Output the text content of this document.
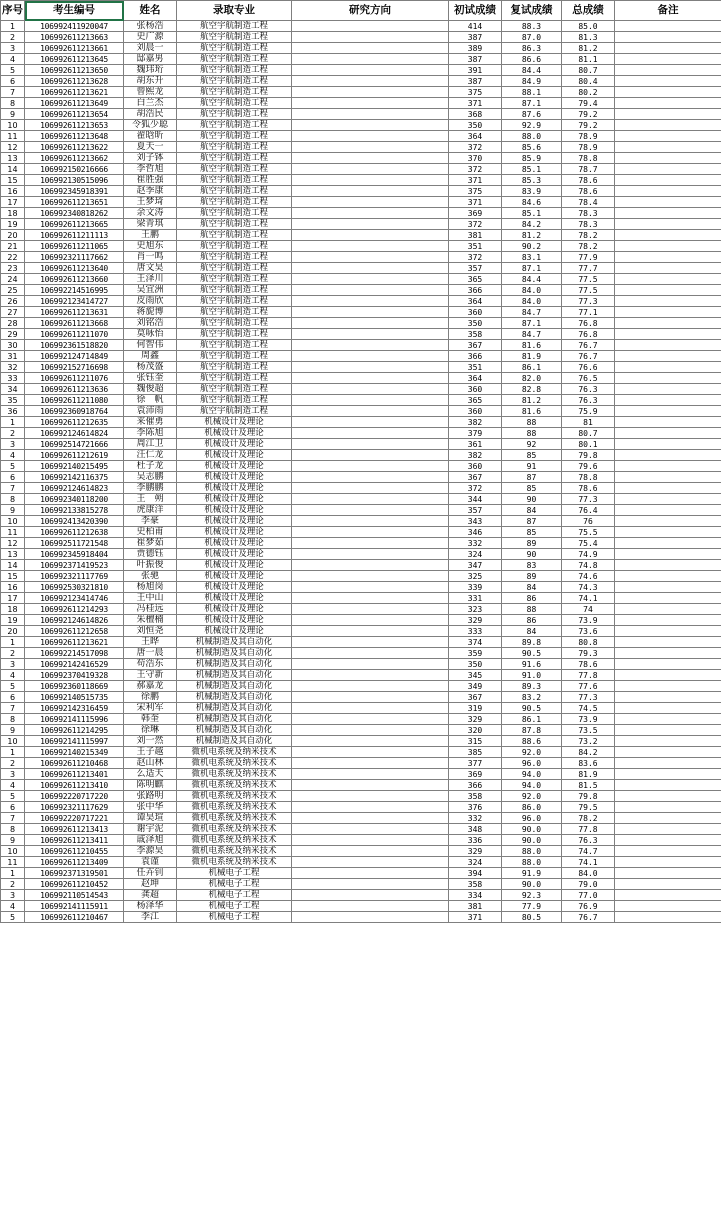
序号	考生编号	姓名	录取专业	研究方向	初试成绩	复试成绩	总成绩	备注
1	106992411920047	张杨浩	航空宇航制造工程		414	88.3	85.0	
2	106992611213663	史广源	航空宇航制造工程		387	87.0	81.3	
3	106992611213661	刘晨一	航空宇航制造工程		389	86.3	81.2	
4	106992611213645	邸嘉男	航空宇航制造工程		387	86.6	81.1	
5	106992611213650	魏玮珩	航空宇航制造工程		391	84.4	80.7	
6	106992611213628	胡东升	航空宇航制造工程		387	84.9	80.4	
7	106992611213621	曾熙龙	航空宇航制造工程		375	88.1	80.2	
8	106992611213649	白兰杰	航空宇航制造工程		371	87.1	79.4	
9	106992611213654	胡浩民	航空宇航制造工程		368	87.6	79.2	
10	106992611213653	令狐少聪	航空宇航制造工程		350	92.9	79.2	
11	106992611213648	翟晗昕	航空宇航制造工程		364	88.0	78.9	
12	106992611213622	夏天一	航空宇航制造工程		372	85.6	78.9	
13	106992611213662	刘子钵	航空宇航制造工程		370	85.9	78.8	
14	106992150216666	李哲旭	航空宇航制造工程		372	85.1	78.7	
15	106992130515096	崔胜强	航空宇航制造工程		371	85.3	78.6	
16	106992345918391	赵季康	航空宇航制造工程		375	83.9	78.6	
17	106992611213651	王梦琦	航空宇航制造工程		371	84.6	78.4	
18	106992340818262	余文涛	航空宇航制造工程		369	85.1	78.3	
19	106992611213665	梁青琪	航空宇航制造工程		372	84.2	78.3	
20	106992611211113	王鹏	航空宇航制造工程		381	81.2	78.2	
21	106992611211065	史旭东	航空宇航制造工程		351	90.2	78.2	
22	106992321117662	肖一鸣	航空宇航制造工程		372	83.1	77.9	
23	106992611213640	唐文昊	航空宇航制造工程		357	87.1	77.7	
24	106992611213660	王泽川	航空宇航制造工程		365	84.4	77.5	
25	106992214516995	吴宜洲	航空宇航制造工程		366	84.0	77.5	
26	106992123414727	皮雨欣	航空宇航制造工程		364	84.0	77.3	
27	106992611213631	蒋旎博	航空宇航制造工程		360	84.7	77.1	
28	106992611213668	刘铭浩	航空宇航制造工程		350	87.1	76.8	
29	106992611211070	莫咏怡	航空宇航制造工程		358	84.7	76.8	
30	106992361518820	何智伟	航空宇航制造工程		367	81.6	76.7	
31	106992124714849	周鑫	航空宇航制造工程		366	81.9	76.7	
32	106992152716698	杨茂盛	航空宇航制造工程		351	86.1	76.6	
33	106992611211076	张钰奎	航空宇航制造工程		364	82.0	76.5	
34	106992611213636	魏俊超	航空宇航制造工程		360	82.8	76.3	
35	106992611211080	徐　帆	航空宇航制造工程		365	81.2	76.3	
36	106992360918764	袁沛雨	航空宇航制造工程		360	81.6	75.9	
1	106992611212635	来催勇	机械设计及理论		382	88	81	
2	106992124614824	李陈旭	机械设计及理论		379	88	80.7	
3	106992514721666	周江卫	机械设计及理论		361	92	80.1	
4	106992611212619	汪仁龙	机械设计及理论		382	85	79.8	
5	106992140215495	杜子龙	机械设计及理论		360	91	79.6	
6	106992142116375	吴志鹏	机械设计及理论		367	87	78.8	
7	106992124614823	李鹏鹏	机械设计及理论		372	85	78.6	
8	106992340118200	王　朔	机械设计及理论		344	90	77.3	
9	106992133815278	虎康洋	机械设计及理论		357	84	76.4	
10	106992413420390	李豪	机械设计及理论		343	87	76	
11	106992611212638	史柏甫	机械设计及理论		346	85	75.5	
12	106992511721548	崔梦茹	机械设计及理论		332	89	75.4	
13	106992345918404	贾德钰	机械设计及理论		324	90	74.9	
14	106992371419523	叶振俊	机械设计及理论		347	83	74.8	
15	106992321117769	张驰	机械设计及理论		325	89	74.6	
16	106992530321810	杨旭岗	机械设计及理论		339	84	74.3	
17	106992123414746	王中山	机械设计及理论		331	86	74.1	
18	106992611214293	冯桂远	机械设计及理论		323	88	74	
19	106992124614826	朱檀楠	机械设计及理论		329	86	73.9	
20	106992611212658	刘恒尧	机械设计及理论		333	84	73.6	
1	106992611213621	王晔	机械制造及其自动化		374	89.8	80.8	
2	106992214517098	唐一晨	机械制造及其自动化		359	90.5	79.3	
3	106992142416529	苟浩东	机械制造及其自动化		350	91.6	78.6	
4	106992370419328	王守新	机械制造及其自动化		345	91.0	77.8	
5	106992360118669	郝嘉龙	机械制造及其自动化		349	89.3	77.6	
6	106992140515735	徐鹏	机械制造及其自动化		367	83.2	77.3	
7	106992142316459	宋利军	机械制造及其自动化		319	90.5	74.5	
8	106992141115996	韩奎	机械制造及其自动化		329	86.1	73.9	
9	106992611214295	徐琳	机械制造及其自动化		320	87.8	73.5	
10	106992141115997	刘一然	机械制造及其自动化		315	88.6	73.2	
1	106992140215349	王子越	微机电系统及纳米技术		385	92.0	84.2	
2	106992611210468	赵山林	微机电系统及纳米技术		377	96.0	83.6	
3	106992611213401	么适天	微机电系统及纳米技术		369	94.0	81.9	
4	106992611213410	陈明麒	微机电系统及纳米技术		366	94.0	81.5	
5	106992220717220	张路明	微机电系统及纳米技术		358	92.0	79.8	
6	106992321117629	张中华	微机电系统及纳米技术		376	86.0	79.5	
7	106992220717221	谭昊瑄	微机电系统及纳米技术		332	96.0	78.2	
8	106992611213413	谢宇泥	微机电系统及纳米技术		348	90.0	77.8	
9	106992611213411	戚泽旭	微机电系统及纳米技术		336	90.0	76.3	
10	106992611210455	李源昊	微机电系统及纳米技术		329	88.0	74.7	
11	106992611213409	袁谨	微机电系统及纳米技术		324	88.0	74.1	
1	106992371319501	任卉钊	机械电子工程		394	91.9	84.0	
2	106992611210452	赵坤	机械电子工程		358	90.0	79.0	
3	106992110514543	龚超	机械电子工程		334	92.3	77.0	
4	106992141115911	杨泽华	机械电子工程		381	77.9	76.9	
5	106992611210467	李江	机械电子工程		371	80.5	76.7	
